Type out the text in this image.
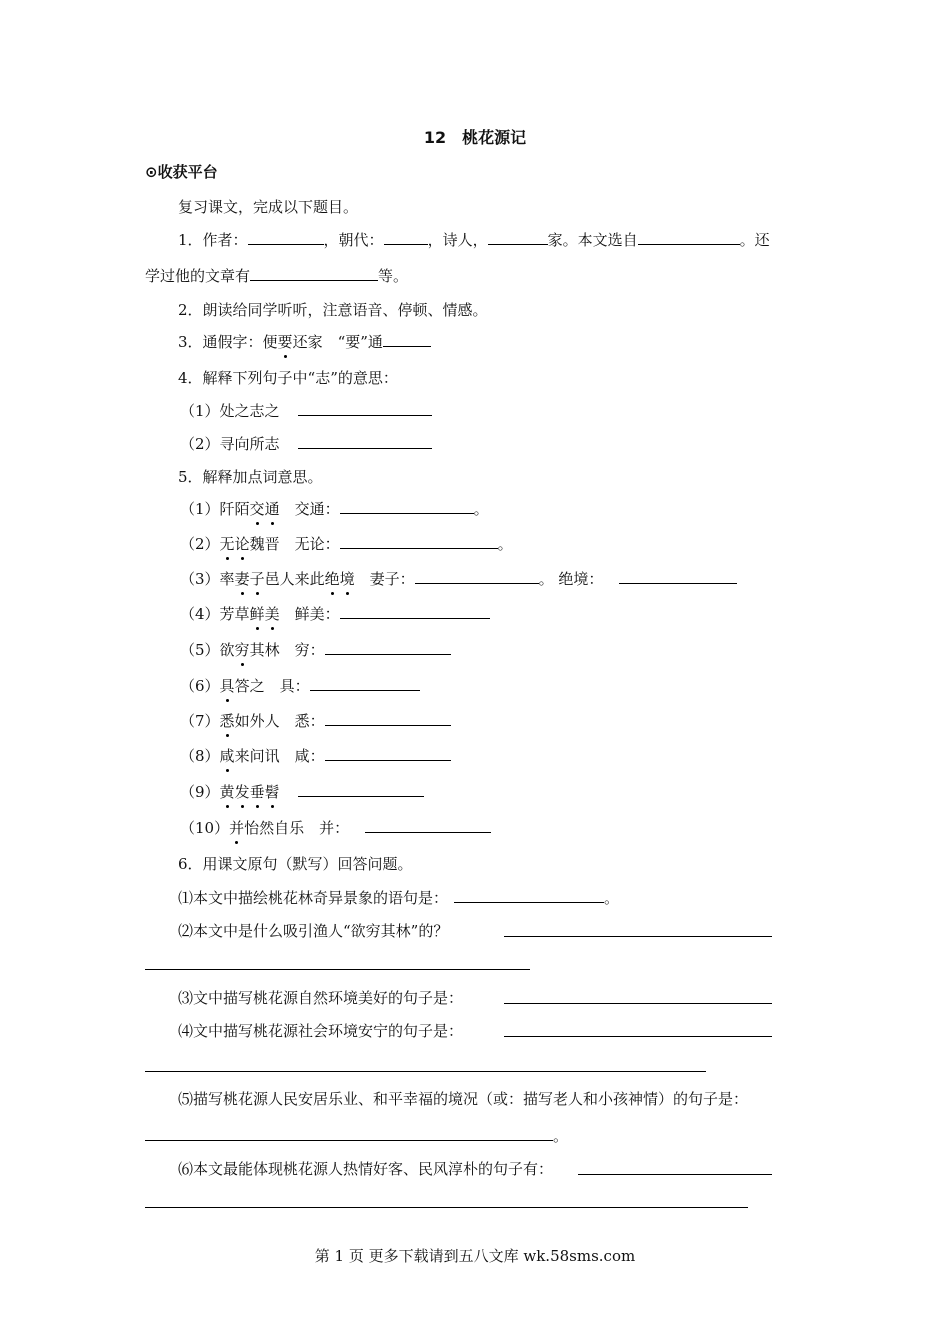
12　桃花源记
⊙收获平台
复习课文，完成以下题目。
1．作者：	，朝代：	，诗人，	家。本文选自	。还
学过他的文章有	等。
2．朗读给同学听听，注意语音、停顿、情感。
3．通假字：便要还家　“要”通
4．解释下列句子中“志”的意思：
（1）处之志之
（2）寻向所志
5．解释加点词意思。
（1）阡陌交通　交通：	。
（2）无论魏晋　无论：	。
（3）率妻子邑人来此绝境　妻子：	。 绝境：
（4）芳草鲜美　鲜美：
（5）欲穷其林　穷：
（6）具答之　具：
（7）悉如外人　悉：
（8）咸来问讯　咸：
（9）黄发垂髫
（10）并怡然自乐　并：
6．用课文原句（默写）回答问题。
⑴本文中描绘桃花林奇异景象的语句是：	。
⑵本文中是什么吸引渔人“欲穷其林”的？
⑶文中描写桃花源自然环境美好的句子是：
⑷文中描写桃花源社会环境安宁的句子是：
⑸描写桃花源人民安居乐业、和平幸福的境况（或：描写老人和小孩神情）的句子是：
。
⑹本文最能体现桃花源人热情好客、民风淳朴的句子有：
第 1 页 更多下载请到五八文库 wk.58sms.com
